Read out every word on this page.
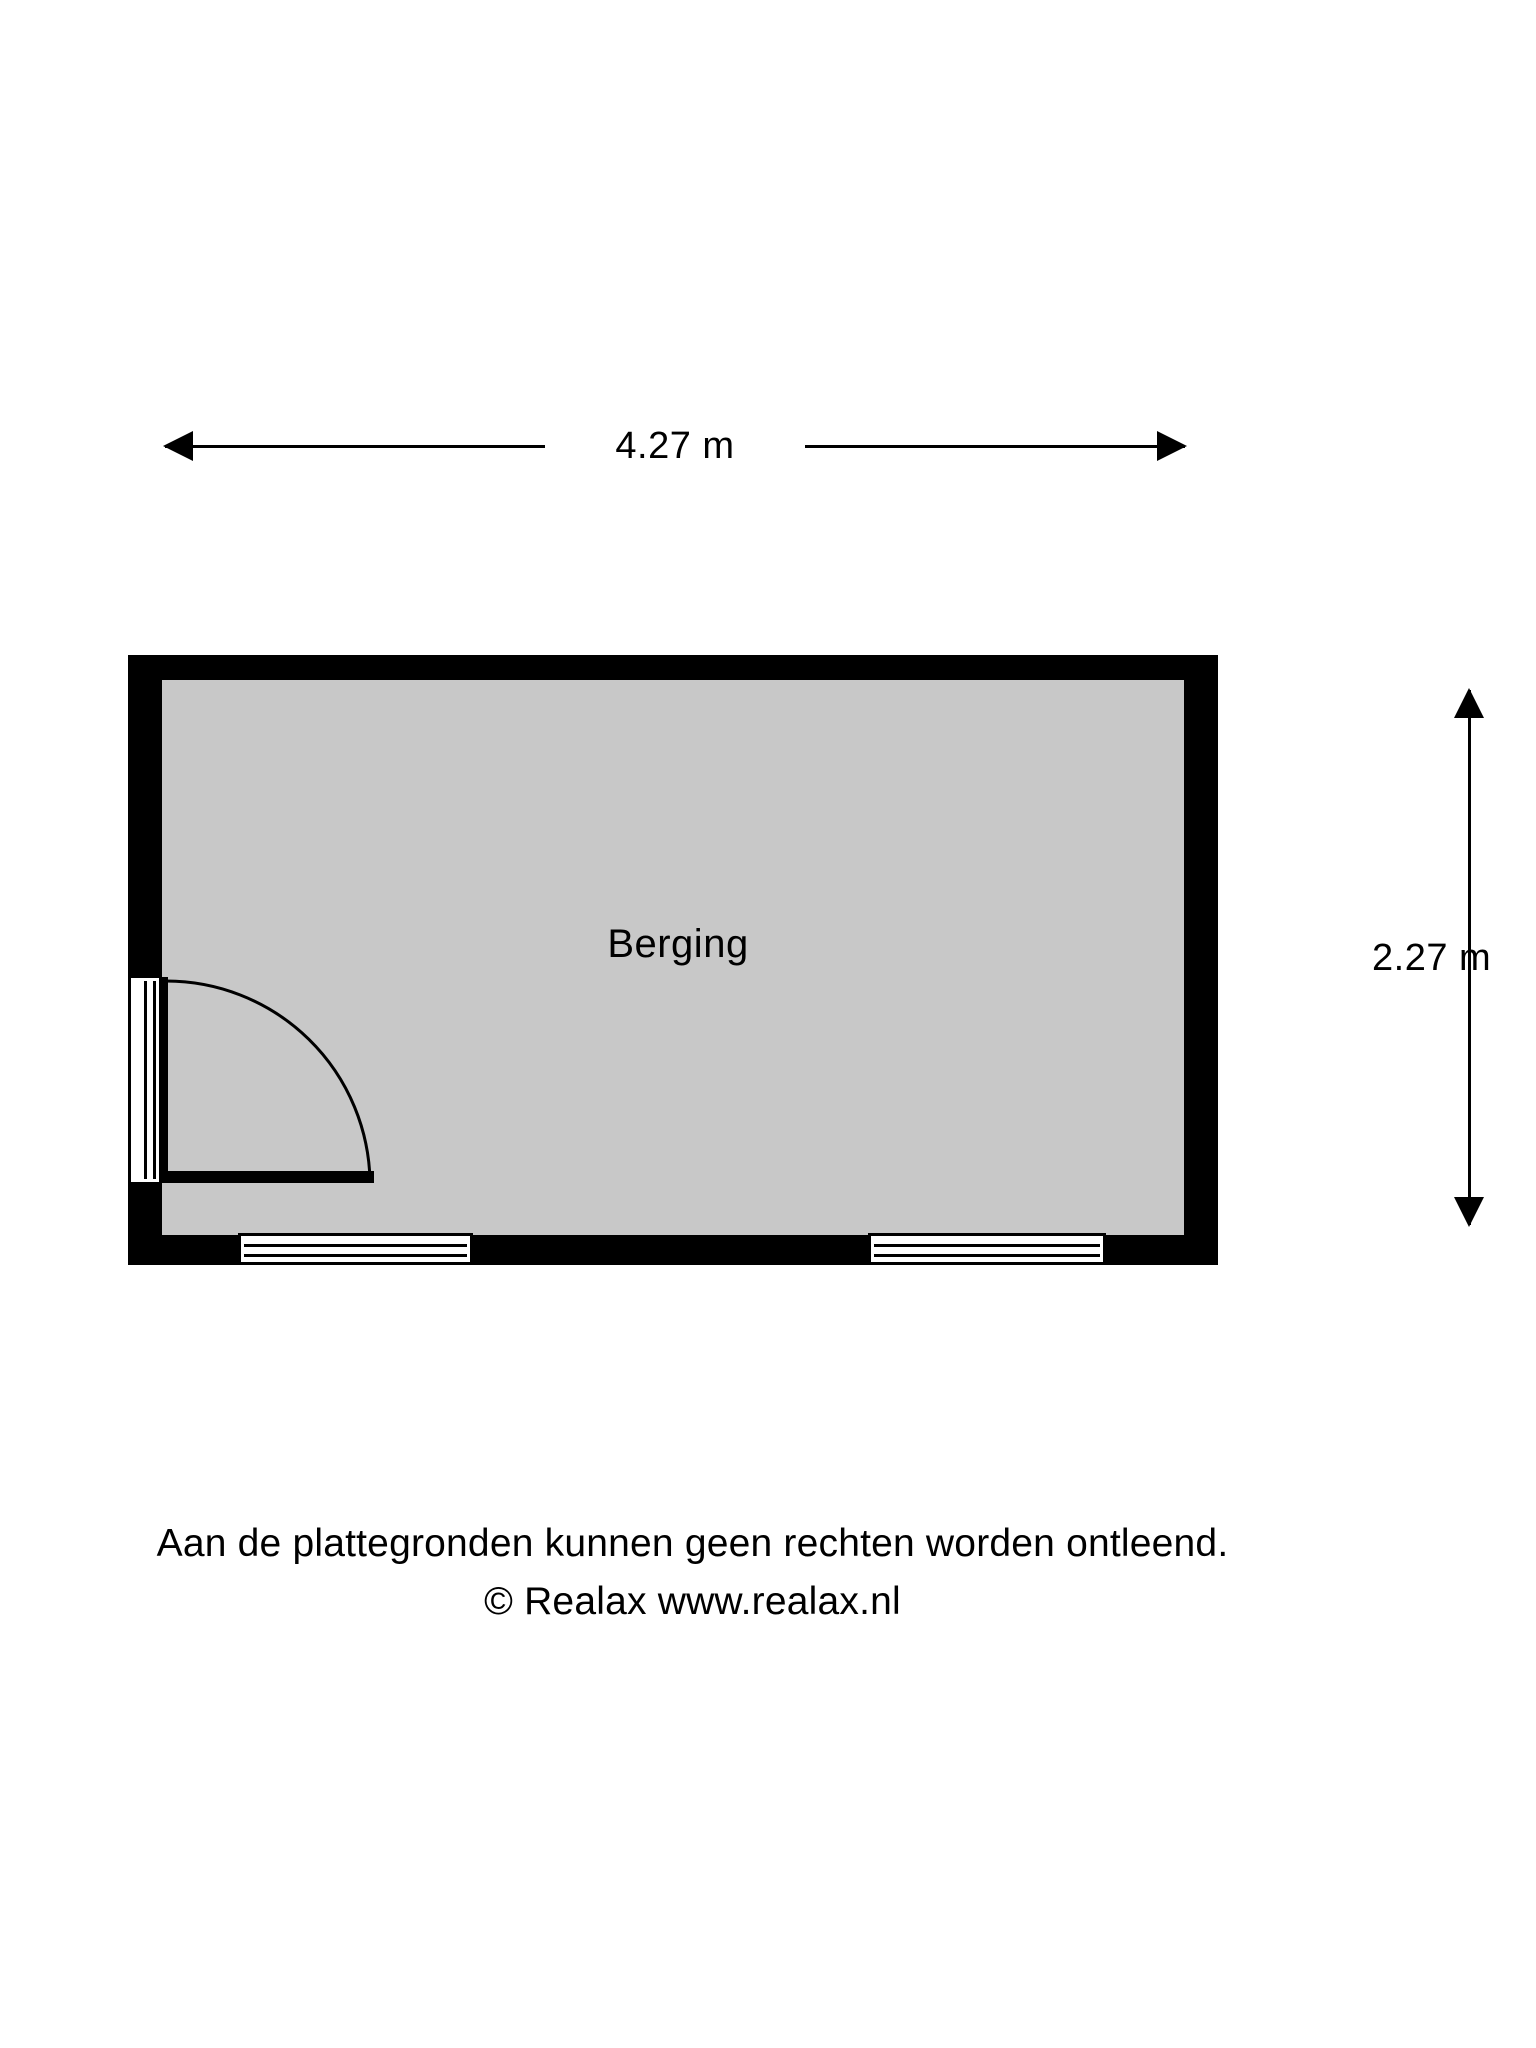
4.27 m
2.27 m
Berging
Aan de plattegronden kunnen geen rechten worden ontleend.
© Realax www.realax.nl
